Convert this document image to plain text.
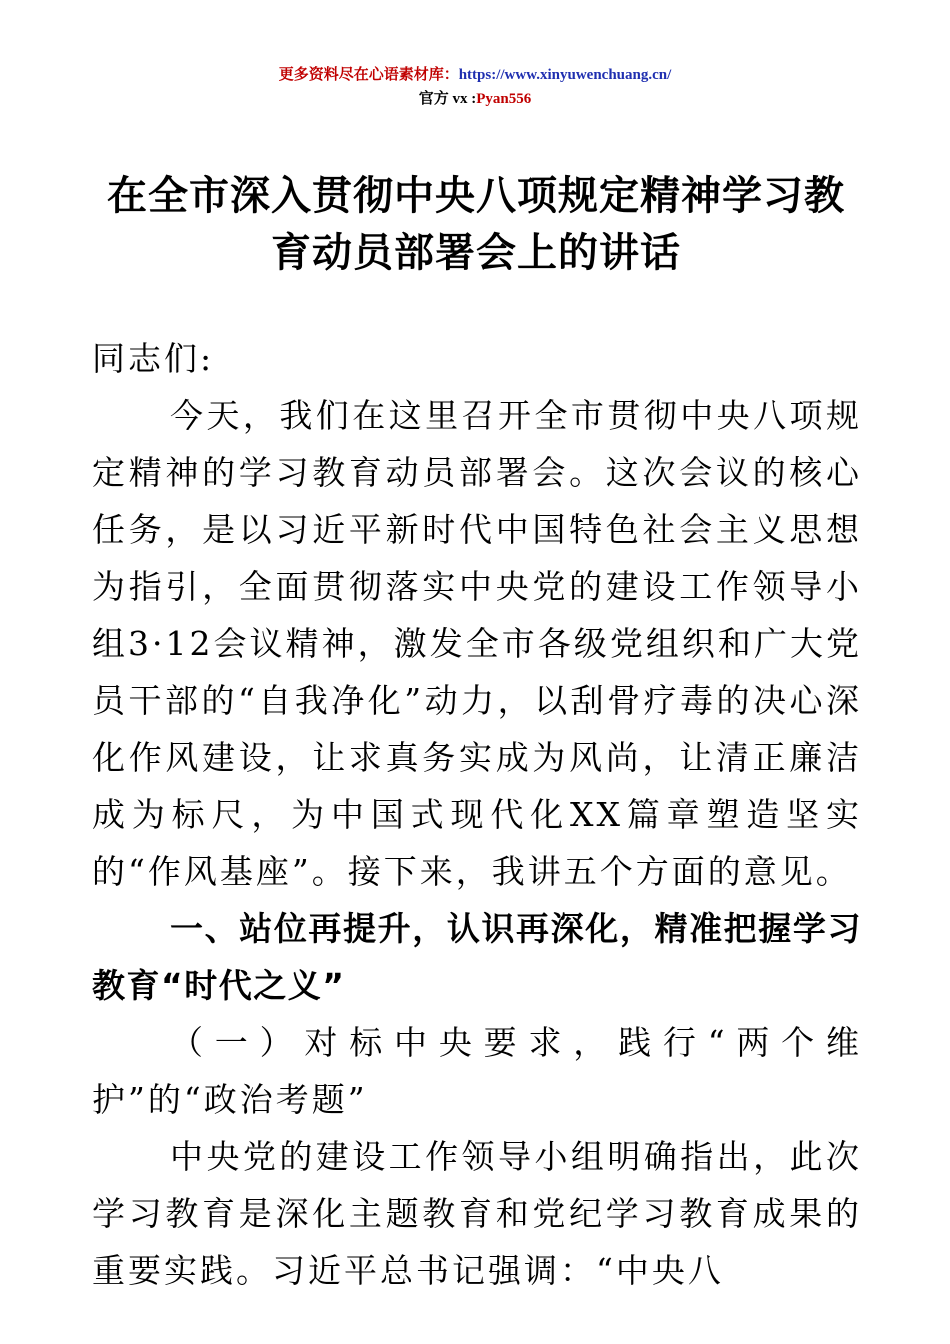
更多资料尽在心语素材库：https://www.xinyuwenchuang.cn/
官方 vx :Pyan556
在全市深入贯彻中央八项规定精神学习教育动员部署会上的讲话

同志们:

今天，我们在这里召开全市贯彻中央八项规定精神的学习教育动员部署会。这次会议的核心任务，是以习近平新时代中国特色社会主义思想为指引，全面贯彻落实中央党的建设工作领导小组3·12会议精神，激发全市各级党组织和广大党员干部的“自我净化”动力，以刮骨疗毒的决心深化作风建设，让求真务实成为风尚，让清正廉洁成为标尺，为中国式现代化XX篇章塑造坚实的“作风基座”。接下来，我讲五个方面的意见。

一、站位再提升，认识再深化，精准把握学习教育“时代之义”

（一）对标中央要求，践行“两个维护”的“政治考题”

中央党的建设工作领导小组明确指出，此次学习教育是深化主题教育和党纪学习教育成果的重要实践。习近平总书记强调：“中央八
